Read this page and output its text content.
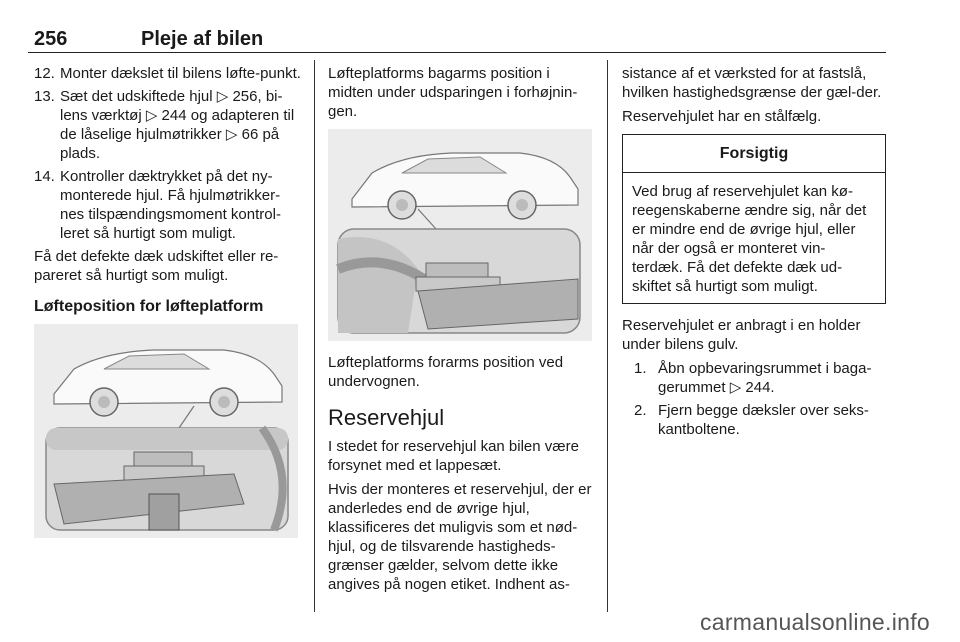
256	Pleje af bilen
12. Monter dækslet til bilens løfte-punkt.
13. Sæt det udskiftede hjul ▷ 256, bi-lens værktøj ▷ 244 og adapteren til de låselige hjulmøtrikker ▷ 66 på plads.
14. Kontroller dæktrykket på det ny-monterede hjul. Få hjulmøtrikker-nes tilspændingsmoment kontrol-leret så hurtigt som muligt.

Få det defekte dæk udskiftet eller re-pareret så hurtigt som muligt.

Løfteposition for løfteplatform

Løfteplatforms bagarms position i midten under udsparingen i forhøjnin-gen.

Løfteplatforms forarms position ved undervognen.

Reservehjul

I stedet for reservehjul kan bilen være forsynet med et lappesæt.

Hvis der monteres et reservehjul, der er anderledes end de øvrige hjul, klassificeres det muligvis som et nød-hjul, og de tilsvarende hastigheds-grænser gælder, selvom dette ikke angives på nogen etiket. Indhent as-

sistance af et værksted for at fastslå, hvilken hastighedsgrænse der gæl-der.

Reservehjulet har en stålfælg.

Forsigtig
Ved brug af reservehjulet kan kø-reegenskaberne ændre sig, når det er mindre end de øvrige hjul, eller når der også er monteret vin-terdæk. Få det defekte dæk ud-skiftet så hurtigt som muligt.

Reservehjulet er anbragt i en holder under bilens gulv.

1. Åbn opbevaringsrummet i baga-gerummet ▷ 244.
2. Fjern begge dæksler over seks-kantboltene.
carmanualsonline.info
